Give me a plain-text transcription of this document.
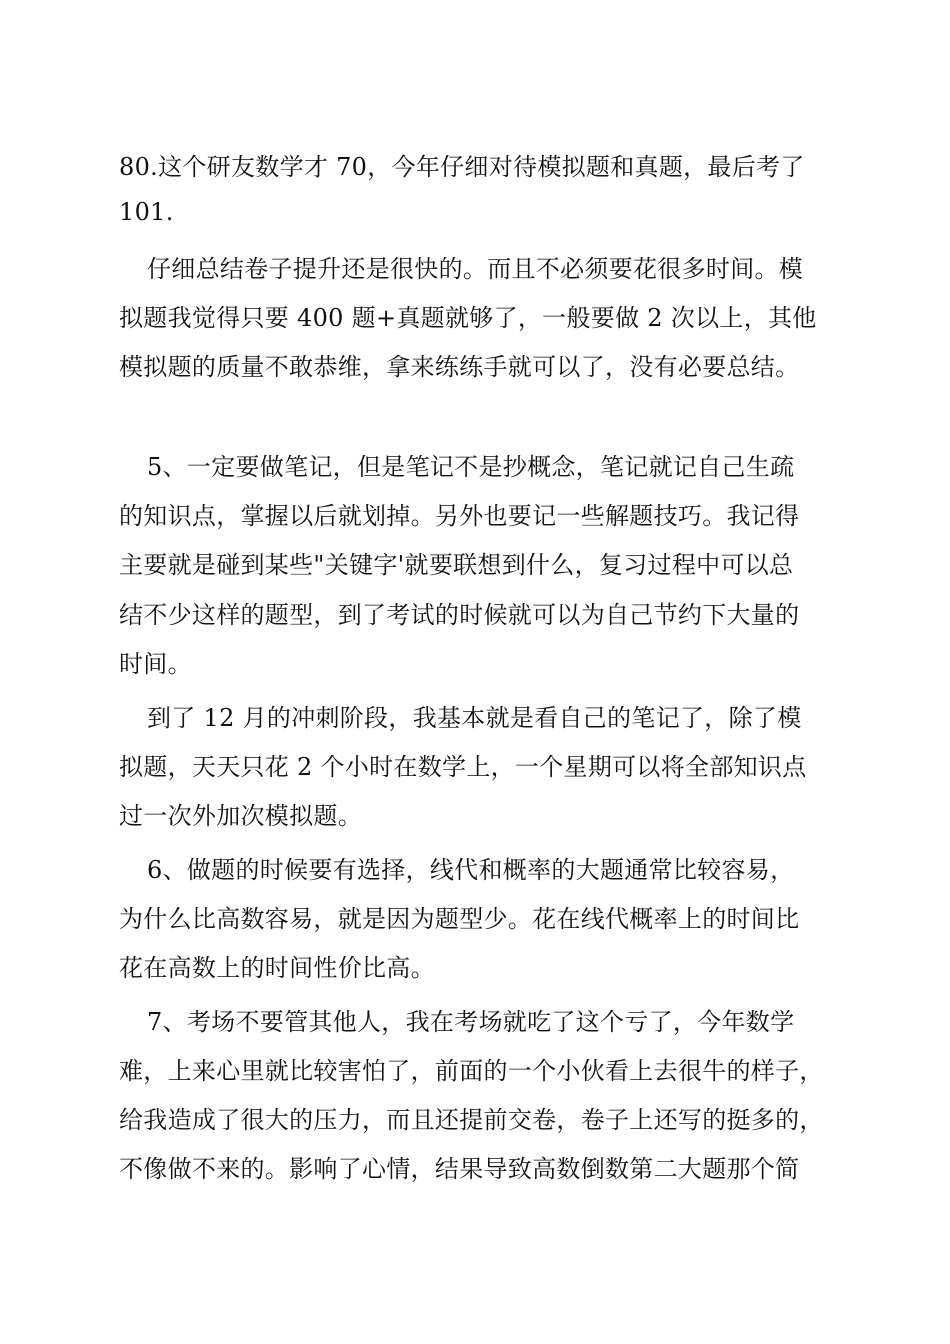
80.这个研友数学才 70，今年仔细对待模拟题和真题，最后考了
101.
仔细总结卷子提升还是很快的。而且不必须要花很多时间。模
拟题我觉得只要 400 题+真题就够了，一般要做 2 次以上，其他
模拟题的质量不敢恭维，拿来练练手就可以了，没有必要总结。
5、一定要做笔记，但是笔记不是抄概念，笔记就记自己生疏
的知识点，掌握以后就划掉。另外也要记一些解题技巧。我记得
主要就是碰到某些"关键字'就要联想到什么，复习过程中可以总
结不少这样的题型，到了考试的时候就可以为自己节约下大量的
时间。
到了 12 月的冲刺阶段，我基本就是看自己的笔记了，除了模
拟题，天天只花 2 个小时在数学上，一个星期可以将全部知识点
过一次外加次模拟题。
6、做题的时候要有选择，线代和概率的大题通常比较容易，
为什么比高数容易，就是因为题型少。花在线代概率上的时间比
花在高数上的时间性价比高。
7、考场不要管其他人，我在考场就吃了这个亏了，今年数学
难，上来心里就比较害怕了，前面的一个小伙看上去很牛的样子，
给我造成了很大的压力，而且还提前交卷，卷子上还写的挺多的，
不像做不来的。影响了心情，结果导致高数倒数第二大题那个简
